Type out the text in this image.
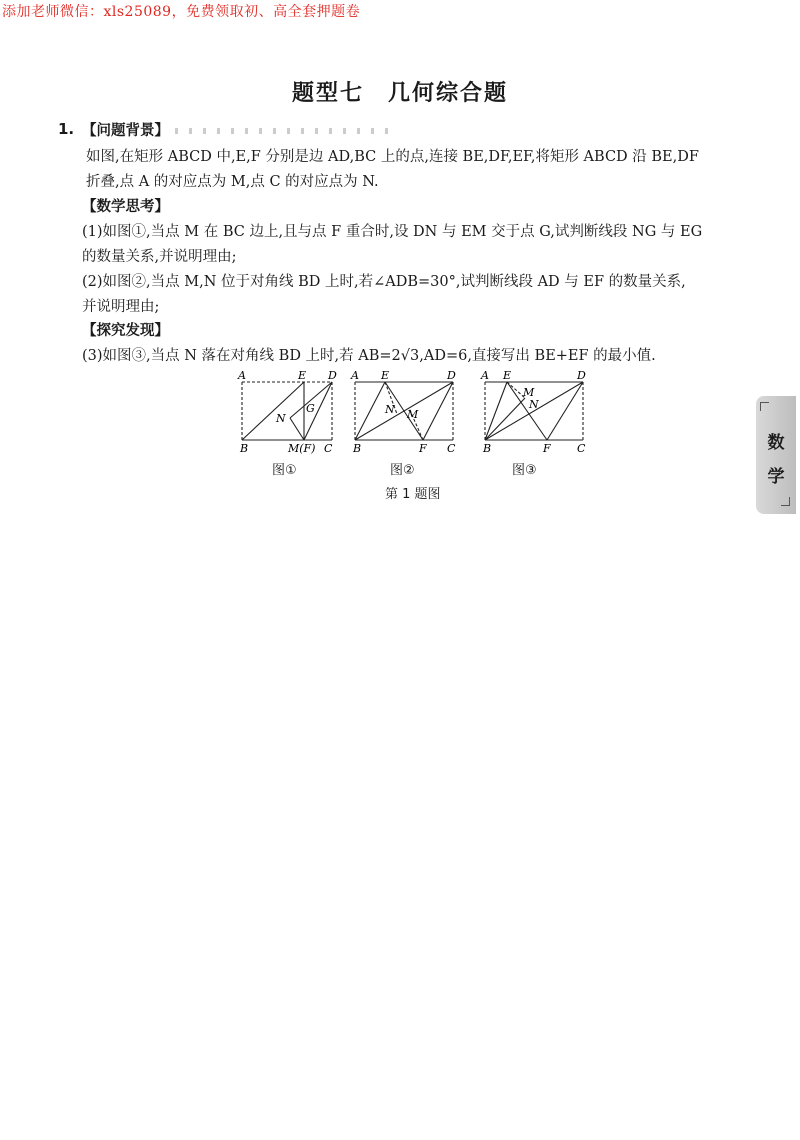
添加老师微信：xls25089，免费领取初、高全套押题卷
题型七　几何综合题
1. 【问题背景】
如图,在矩形 ABCD 中,E,F 分别是边 AD,BC 上的点,连接 BE,DF,EF,将矩形 ABCD 沿 BE,DF
折叠,点 A 的对应点为 M,点 C 的对应点为 N.
【数学思考】
(1)如图①,当点 M 在 BC 边上,且与点 F 重合时,设 DN 与 EM 交于点 G,试判断线段 NG 与 EG
的数量关系,并说明理由;
(2)如图②,当点 M,N 位于对角线 BD 上时,若∠ADB=30°,试判断线段 AD 与 EF 的数量关系,
并说明理由;
【探究发现】
(3)如图③,当点 N 落在对角线 BD 上时,若 AB=2√3,AD=6,直接写出 BE+EF 的最小值.
A	E D
N
G
B	M(F) C
A E	D
N M
B	F C
A E	D
M
N
B	F C
图①	图②	图③
第 1 题图
数
学
